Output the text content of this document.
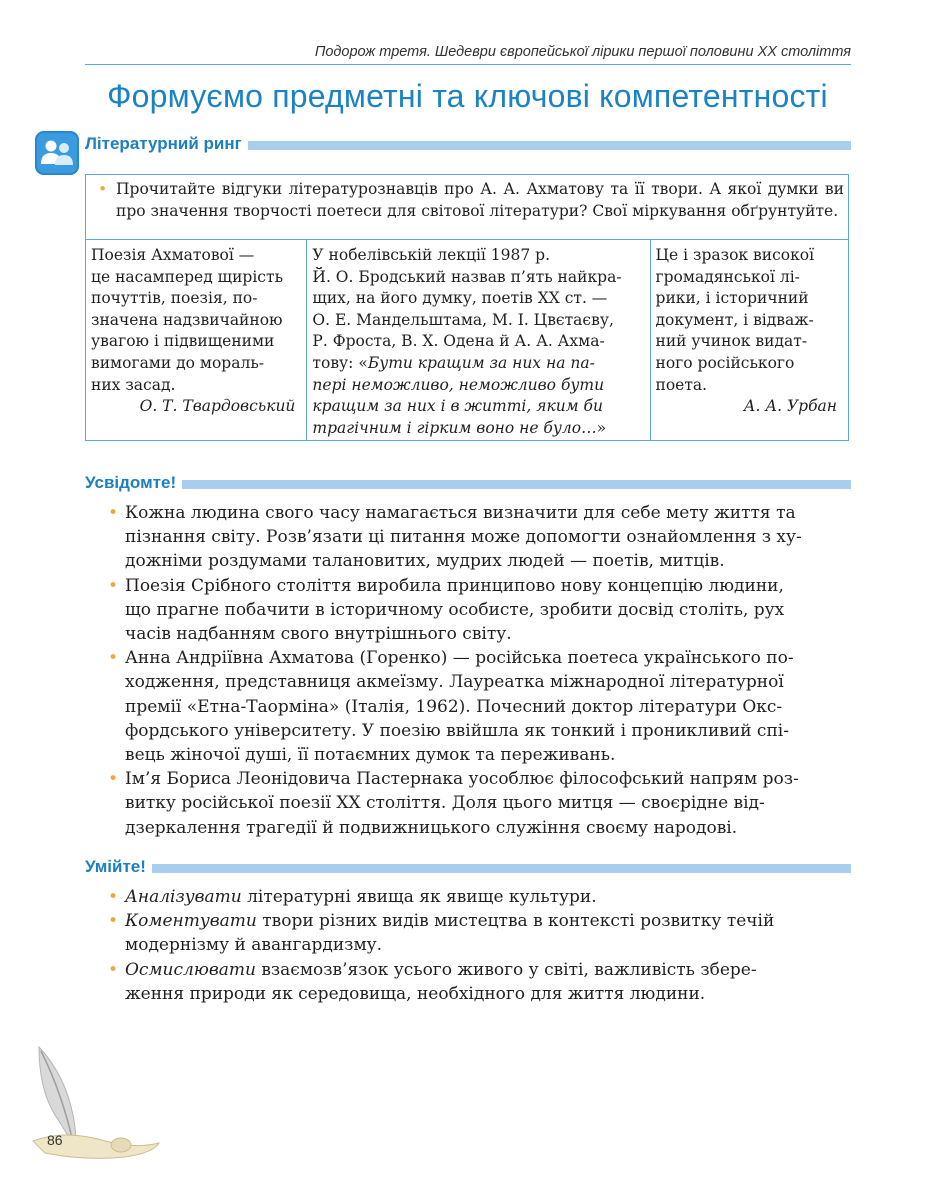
Подорож третя. Шедеври європейської лірики першої половини XX століття
Формуємо предметні та ключові компетентності
Літературний ринг
• Прочитайте відгуки літературознавців про А. А. Ахматову та її твори. А якої думки ви про значення творчості поетеси для світової літератури? Свої міркування обґрунтуйте.
Поезія Ахматової —
це насамперед щирість
почуттів, поезія, по-
значена надзвичайною
увагою і підвищеними
вимогами до мораль-
них засад.
О. Т. Твардовський
У нобелівській лекції 1987 р.
Й. О. Бродський назвав п’ять найкра-
щих, на його думку, поетів XX ст. —
О. Е. Мандельштама, М. І. Цвєтаєву,
Р. Фроста, В. Х. Одена й А. А. Ахма-
тову: «Бути кращим за них на па-
пері неможливо, неможливо бути
кращим за них і в житті, яким би
трагічним і гірким воно не було…»
Це і зразок високої
громадянської лі-
рики, і історичний
документ, і відваж-
ний учинок видат-
ного російського
поета.
А. А. Урбан
Усвідомте!
• Кожна людина свого часу намагається визначити для себе мету життя та
пізнання світу. Розв’язати ці питання може допомогти ознайомлення з ху-
дожніми роздумами талановитих, мудрих людей — поетів, митців.
• Поезія Срібного століття виробила принципово нову концепцію людини,
що прагне побачити в історичному особисте, зробити досвід століть, рух
часів надбанням свого внутрішнього світу.
• Анна Андріївна Ахматова (Горенко) — російська поетеса українського по-
ходження, представниця акмеїзму. Лауреатка міжнародної літературної
премії «Етна-Таорміна» (Італія, 1962). Почесний доктор літератури Окс-
фордського університету. У поезію ввійшла як тонкий і проникливий спі-
вець жіночої душі, її потаємних думок та переживань.
• Ім’я Бориса Леонідовича Пастернака уособлює філософський напрям роз-
витку російської поезії XX століття. Доля цього митця — своєрідне від-
дзеркалення трагедії й подвижницького служіння своєму народові.
Умійте!
• Аналізувати літературні явища як явище культури.
• Коментувати твори різних видів мистецтва в контексті розвитку течій
модернізму й авангардизму.
• Осмислювати взаємозв’язок усього живого у світі, важливість збере-
ження природи як середовища, необхідного для життя людини.
86
